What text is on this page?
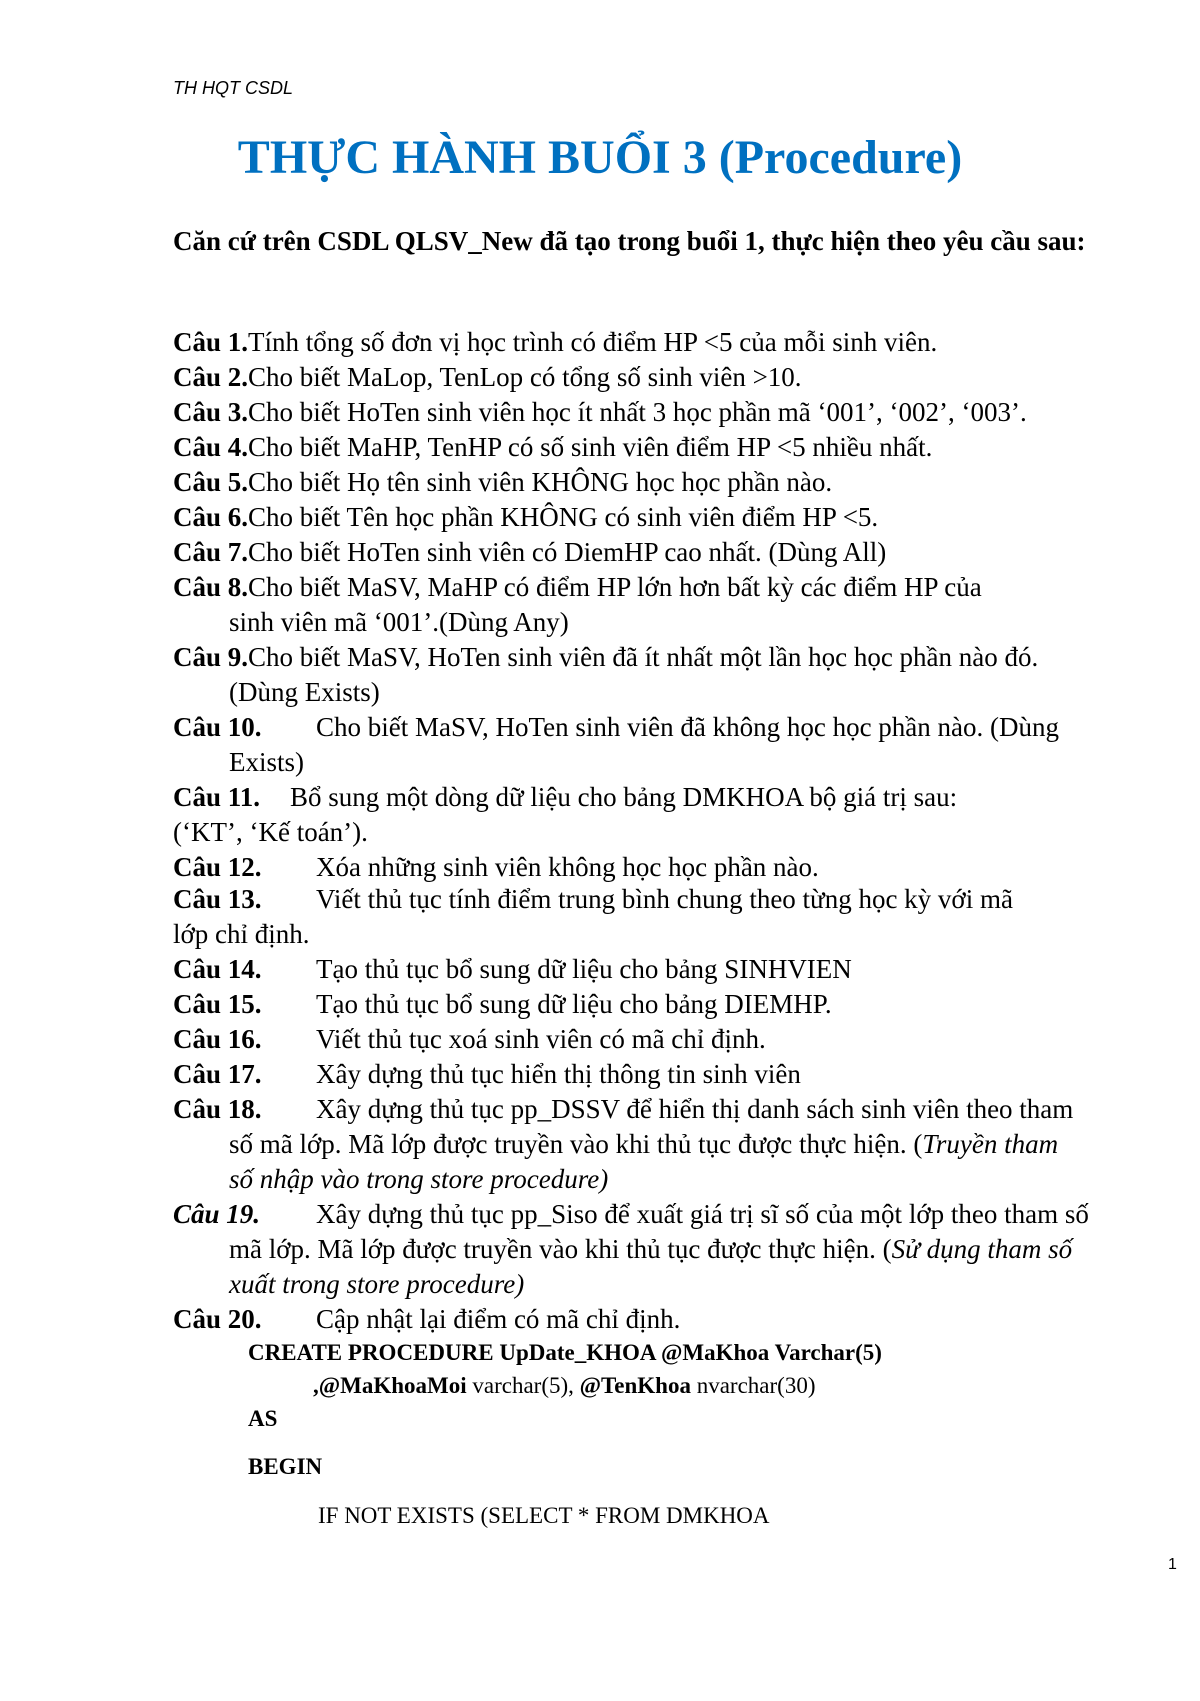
TH HQT CSDL
THỰC HÀNH BUỔI 3 (Procedure)
Căn cứ trên CSDL QLSV_New đã tạo trong buổi 1, thực hiện theo yêu cầu sau:
Câu 1.Tính tổng số đơn vị học trình có điểm HP <5 của mỗi sinh viên.
Câu 2.Cho biết MaLop, TenLop có tổng số sinh viên >10.
Câu 3.Cho biết HoTen sinh viên học ít nhất 3 học phần mã ‘001’, ‘002’, ‘003’.
Câu 4.Cho biết MaHP, TenHP có số sinh viên điểm HP <5 nhiều nhất.
Câu 5.Cho biết Họ tên sinh viên KHÔNG học học phần nào.
Câu 6.Cho biết Tên học phần KHÔNG có sinh viên điểm HP <5.
Câu 7.Cho biết HoTen sinh viên có DiemHP cao nhất. (Dùng All)
Câu 8.Cho biết MaSV, MaHP có điểm HP lớn hơn bất kỳ các điểm HP của
sinh viên mã ‘001’.(Dùng Any)
Câu 9.Cho biết MaSV, HoTen sinh viên đã ít nhất một lần học học phần nào đó.
(Dùng Exists)
Câu 10. Cho biết MaSV, HoTen sinh viên đã không học học phần nào. (Dùng
Exists)
Câu 11. Bổ sung một dòng dữ liệu cho bảng DMKHOA bộ giá trị sau:
(‘KT’, ‘Kế toán’).
Câu 12. Xóa những sinh viên không học học phần nào.
Câu 13. Viết thủ tục tính điểm trung bình chung theo từng học kỳ với mã
lớp chỉ định.
Câu 14. Tạo thủ tục bổ sung dữ liệu cho bảng SINHVIEN
Câu 15. Tạo thủ tục bổ sung dữ liệu cho bảng DIEMHP.
Câu 16. Viết thủ tục xoá sinh viên có mã chỉ định.
Câu 17. Xây dựng thủ tục hiển thị thông tin sinh viên
Câu 18. Xây dựng thủ tục pp_DSSV để hiển thị danh sách sinh viên theo tham
số mã lớp. Mã lớp được truyền vào khi thủ tục được thực hiện. (Truyền tham
số nhập vào trong store procedure)
Câu 19. Xây dựng thủ tục pp_Siso để xuất giá trị sĩ số của một lớp theo tham số
mã lớp. Mã lớp được truyền vào khi thủ tục được thực hiện. (Sử dụng tham số
xuất trong store procedure)
Câu 20. Cập nhật lại điểm có mã chỉ định.
CREATE PROCEDURE UpDate_KHOA @MaKhoa Varchar(5)
,@MaKhoaMoi varchar(5), @TenKhoa nvarchar(30)
AS
BEGIN
IF NOT EXISTS (SELECT * FROM DMKHOA
1
